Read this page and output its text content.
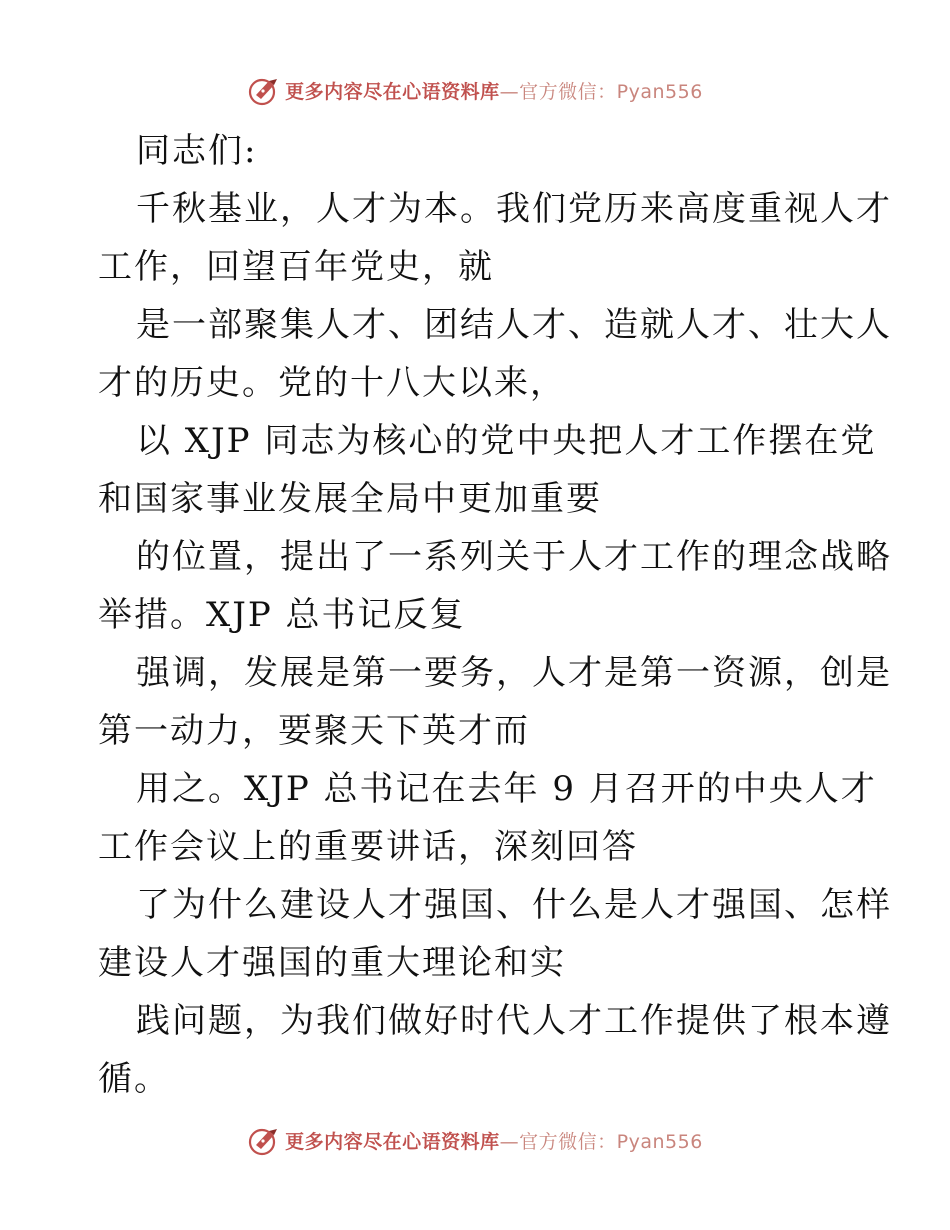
更多内容尽在心语资料库—官方微信：Pyan556
同志们:
千秋基业，人才为本。我们党历来高度重视人才
工作，回望百年党史，就
是一部聚集人才、团结人才、造就人才、壮大人
才的历史。党的十八大以来，
以 XJP 同志为核心的党中央把人才工作摆在党
和国家事业发展全局中更加重要
的位置，提出了一系列关于人才工作的理念战略
举措。XJP 总书记反复
强调，发展是第一要务，人才是第一资源，创是
第一动力，要聚天下英才而
用之。XJP 总书记在去年 9 月召开的中央人才
工作会议上的重要讲话，深刻回答
了为什么建设人才强国、什么是人才强国、怎样
建设人才强国的重大理论和实
践问题，为我们做好时代人才工作提供了根本遵
循。
更多内容尽在心语资料库—官方微信：Pyan556
